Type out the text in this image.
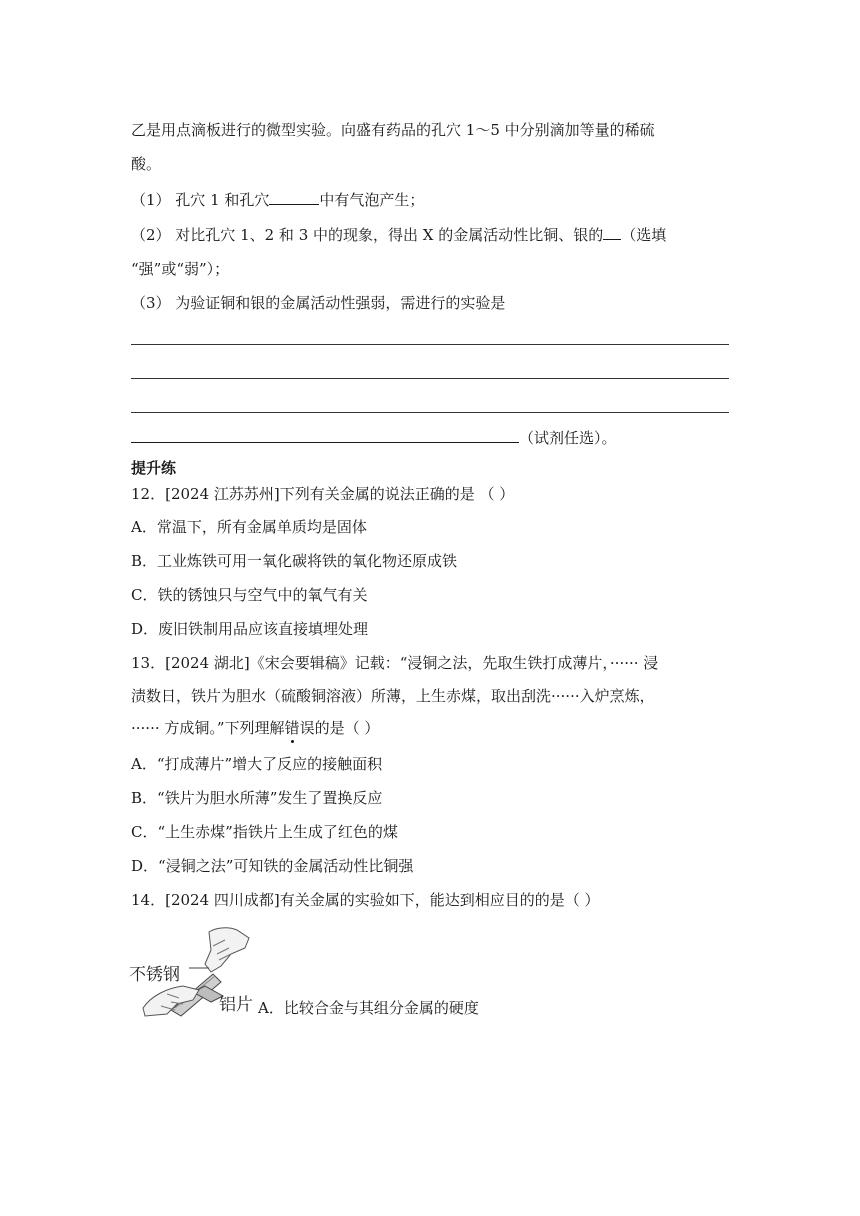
乙是用点滴板进行的微型实验。向盛有药品的孔穴 1～5 中分别滴加等量的稀硫
酸。
（1） 孔穴 1 和孔穴	中有气泡产生；
（2） 对比孔穴 1、2 和 3 中的现象，得出 X 的金属活动性比铜、银的 （选填
“强”或“弱”）；
（3） 为验证铜和银的金属活动性强弱，需进行的实验是
（试剂任选）。
提升练
12．[2024 江苏苏州]下列有关金属的说法正确的是 （ ）
A．常温下，所有金属单质均是固体
B．工业炼铁可用一氧化碳将铁的氧化物还原成铁
C．铁的锈蚀只与空气中的氧气有关
D．废旧铁制用品应该直接填埋处理
13．[2024 湖北]《宋会要辑稿》记载：“浸铜之法，先取生铁打成薄片，······ 浸
渍数日，铁片为胆水（硫酸铜溶液）所薄，上生赤煤，取出刮洗······入炉烹炼，
······ 方成铜。”下列理解错误的是（ ）
A．“打成薄片”增大了反应的接触面积
B．“铁片为胆水所薄”发生了置换反应
C．“上生赤煤”指铁片上生成了红色的煤
D．“浸铜之法”可知铁的金属活动性比铜强
14．[2024 四川成都]有关金属的实验如下，能达到相应目的的是（ ）
不锈钢
铝片 A．比较合金与其组分金属的硬度
